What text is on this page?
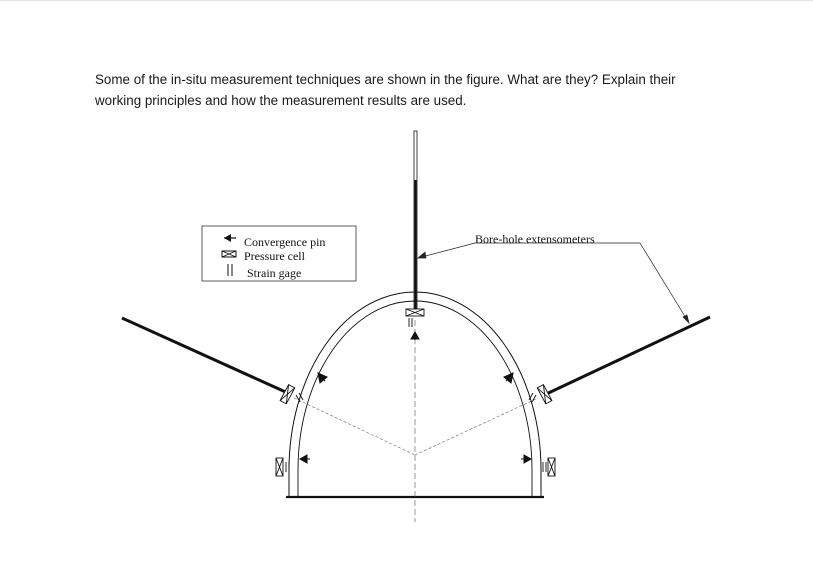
Some of the in-situ measurement techniques are shown in the figure. What are they? Explain their
working principles and how the measurement results are used.
Convergence pin
Pressure cell
Strain gage
Bore-hole extensometers
